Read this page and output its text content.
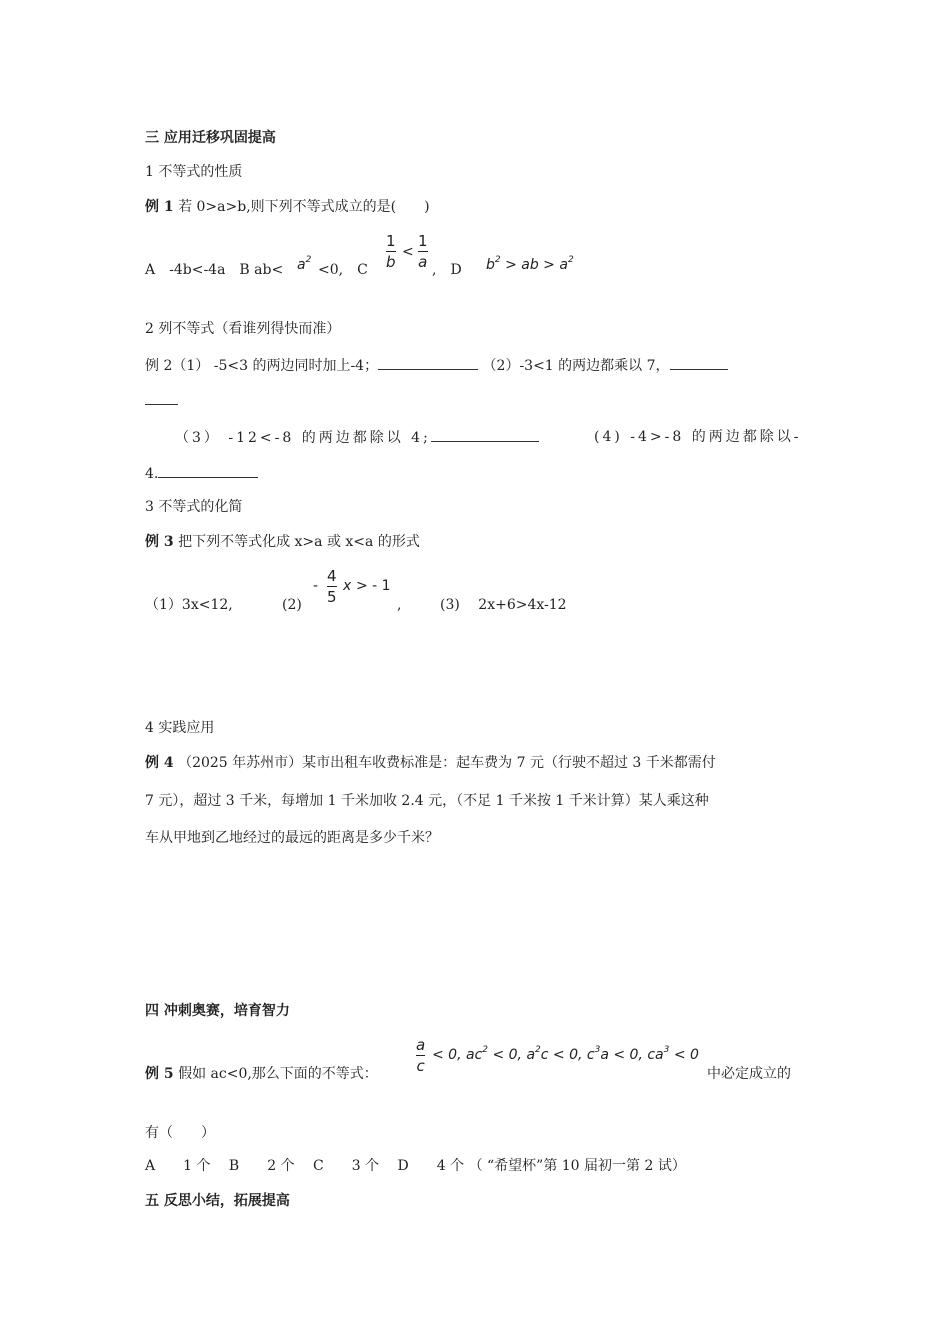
三 应用迁移巩固提高
1 不等式的性质
例 1 若 0>a>b,则下列不等式成立的是(　　)
A　-4b<-4a　B $ab< a^2$
<0,　C
1
b
<
1
a ,　D $b^2$ > ab > $a^2$
2 列不等式（看谁列得快而准）
例 2（1） -5<3 的两边同时加上-4；	（2）-3<1 的两边都乘以 7，
（3） -12<-8 的两边都除以 4;	(4) -4>-8 的两边都除以-
4.
3 不等式的化简
例 3 把下列不等式化成 x>a 或 x<a 的形式
（1）3x<12,	(2)
-
4
5
x > - 1
,	(3)　 2x+6>4x-12
4 实践应用
例 4 （2025 年苏州市）某市出租车收费标准是：起车费为 7 元（行驶不超过 3 千米都需付
7 元），超过 3 千米，每增加 1 千米加收 2.4 元，（不足 1 千米按 1 千米计算）某人乘这种
车从甲地到乙地经过的最远的距离是多少千米？
四 冲刺奥赛，培育智力
例 5 假如 ac<0,那么下面的不等式：
a
c
< 0, $ac^2 < 0$, $a^2c < 0$, $c^3a < 0$, $ca^3 < 0$
中必定成立的
有（　　）
A　　1 个　 B　　2 个　 C　　3 个　 D　　4 个 （ “希望杯”第 10 届初一第 2 试）
五 反思小结，拓展提高
